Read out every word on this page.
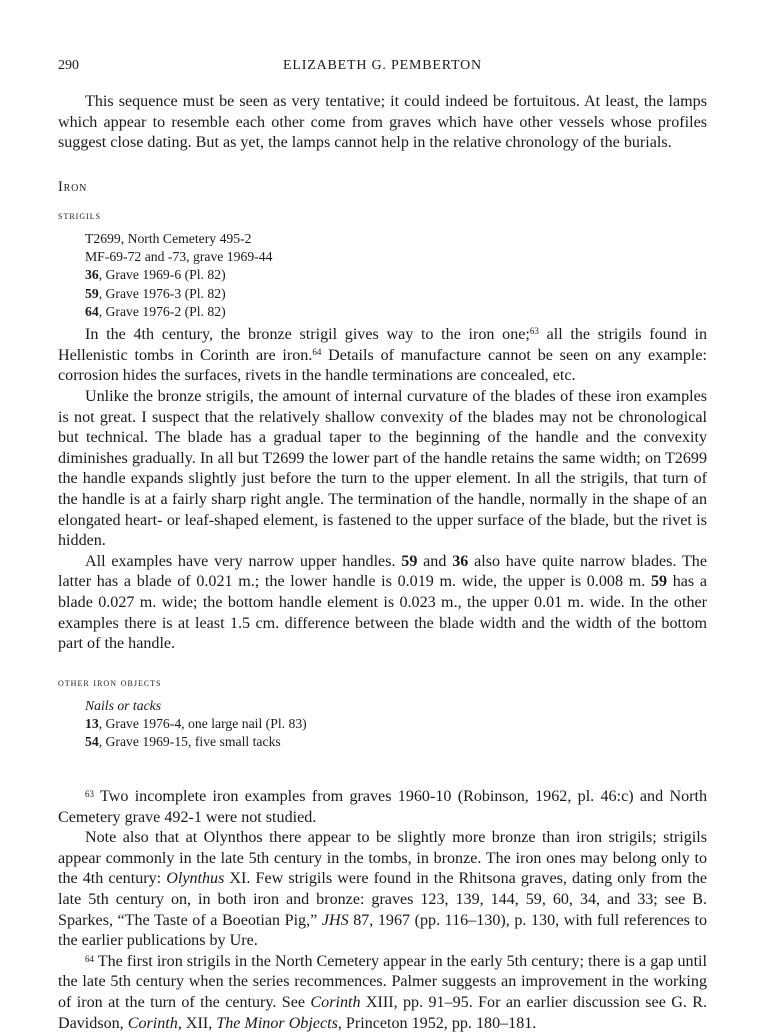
290	ELIZABETH G. PEMBERTON

This sequence must be seen as very tentative; it could indeed be fortuitous. At least, the lamps which appear to resemble each other come from graves which have other vessels whose profiles suggest close dating. But as yet, the lamps cannot help in the relative chronology of the burials.

Iron
strigils
T2699, North Cemetery 495-2
MF-69-72 and -73, grave 1969-44
36, Grave 1969-6 (Pl. 82)
59, Grave 1976-3 (Pl. 82)
64, Grave 1976-2 (Pl. 82)

In the 4th century, the bronze strigil gives way to the iron one;$^{63}$ all the strigils found in Hellenistic tombs in Corinth are iron.$^{64}$ Details of manufacture cannot be seen on any example: corrosion hides the surfaces, rivets in the handle terminations are concealed, etc.

Unlike the bronze strigils, the amount of internal curvature of the blades of these iron examples is not great. I suspect that the relatively shallow convexity of the blades may not be chronological but technical. The blade has a gradual taper to the beginning of the handle and the convexity diminishes gradually. In all but T2699 the lower part of the handle retains the same width; on T2699 the handle expands slightly just before the turn to the upper element. In all the strigils, that turn of the handle is at a fairly sharp right angle. The termination of the handle, normally in the shape of an elongated heart- or leaf-shaped element, is fastened to the upper surface of the blade, but the rivet is hidden.

All examples have very narrow upper handles. 59 and 36 also have quite narrow blades. The latter has a blade of 0.021 m.; the lower handle is 0.019 m. wide, the upper is 0.008 m. 59 has a blade 0.027 m. wide; the bottom handle element is 0.023 m., the upper 0.01 m. wide. In the other examples there is at least 1.5 cm. difference between the blade width and the width of the bottom part of the handle.

other iron objects
Nails or tacks
13, Grave 1976-4, one large nail (Pl. 83)
54, Grave 1969-15, five small tacks

$^{63}$ Two incomplete iron examples from graves 1960-10 (Robinson, 1962, pl. 46:c) and North Cemetery grave 492-1 were not studied.

Note also that at Olynthos there appear to be slightly more bronze than iron strigils; strigils appear commonly in the late 5th century in the tombs, in bronze. The iron ones may belong only to the 4th century: Olynthus XI. Few strigils were found in the Rhitsona graves, dating only from the late 5th century on, in both iron and bronze: graves 123, 139, 144, 59, 60, 34, and 33; see B. Sparkes, “The Taste of a Boeotian Pig,” JHS 87, 1967 (pp. 116–130), p. 130, with full references to the earlier publications by Ure.

$^{64}$ The first iron strigils in the North Cemetery appear in the early 5th century; there is a gap until the late 5th century when the series recommences. Palmer suggests an improvement in the working of iron at the turn of the century. See Corinth XIII, pp. 91–95. For an earlier discussion see G. R. Davidson, Corinth, XII, The Minor Objects, Princeton 1952, pp. 180–181.
